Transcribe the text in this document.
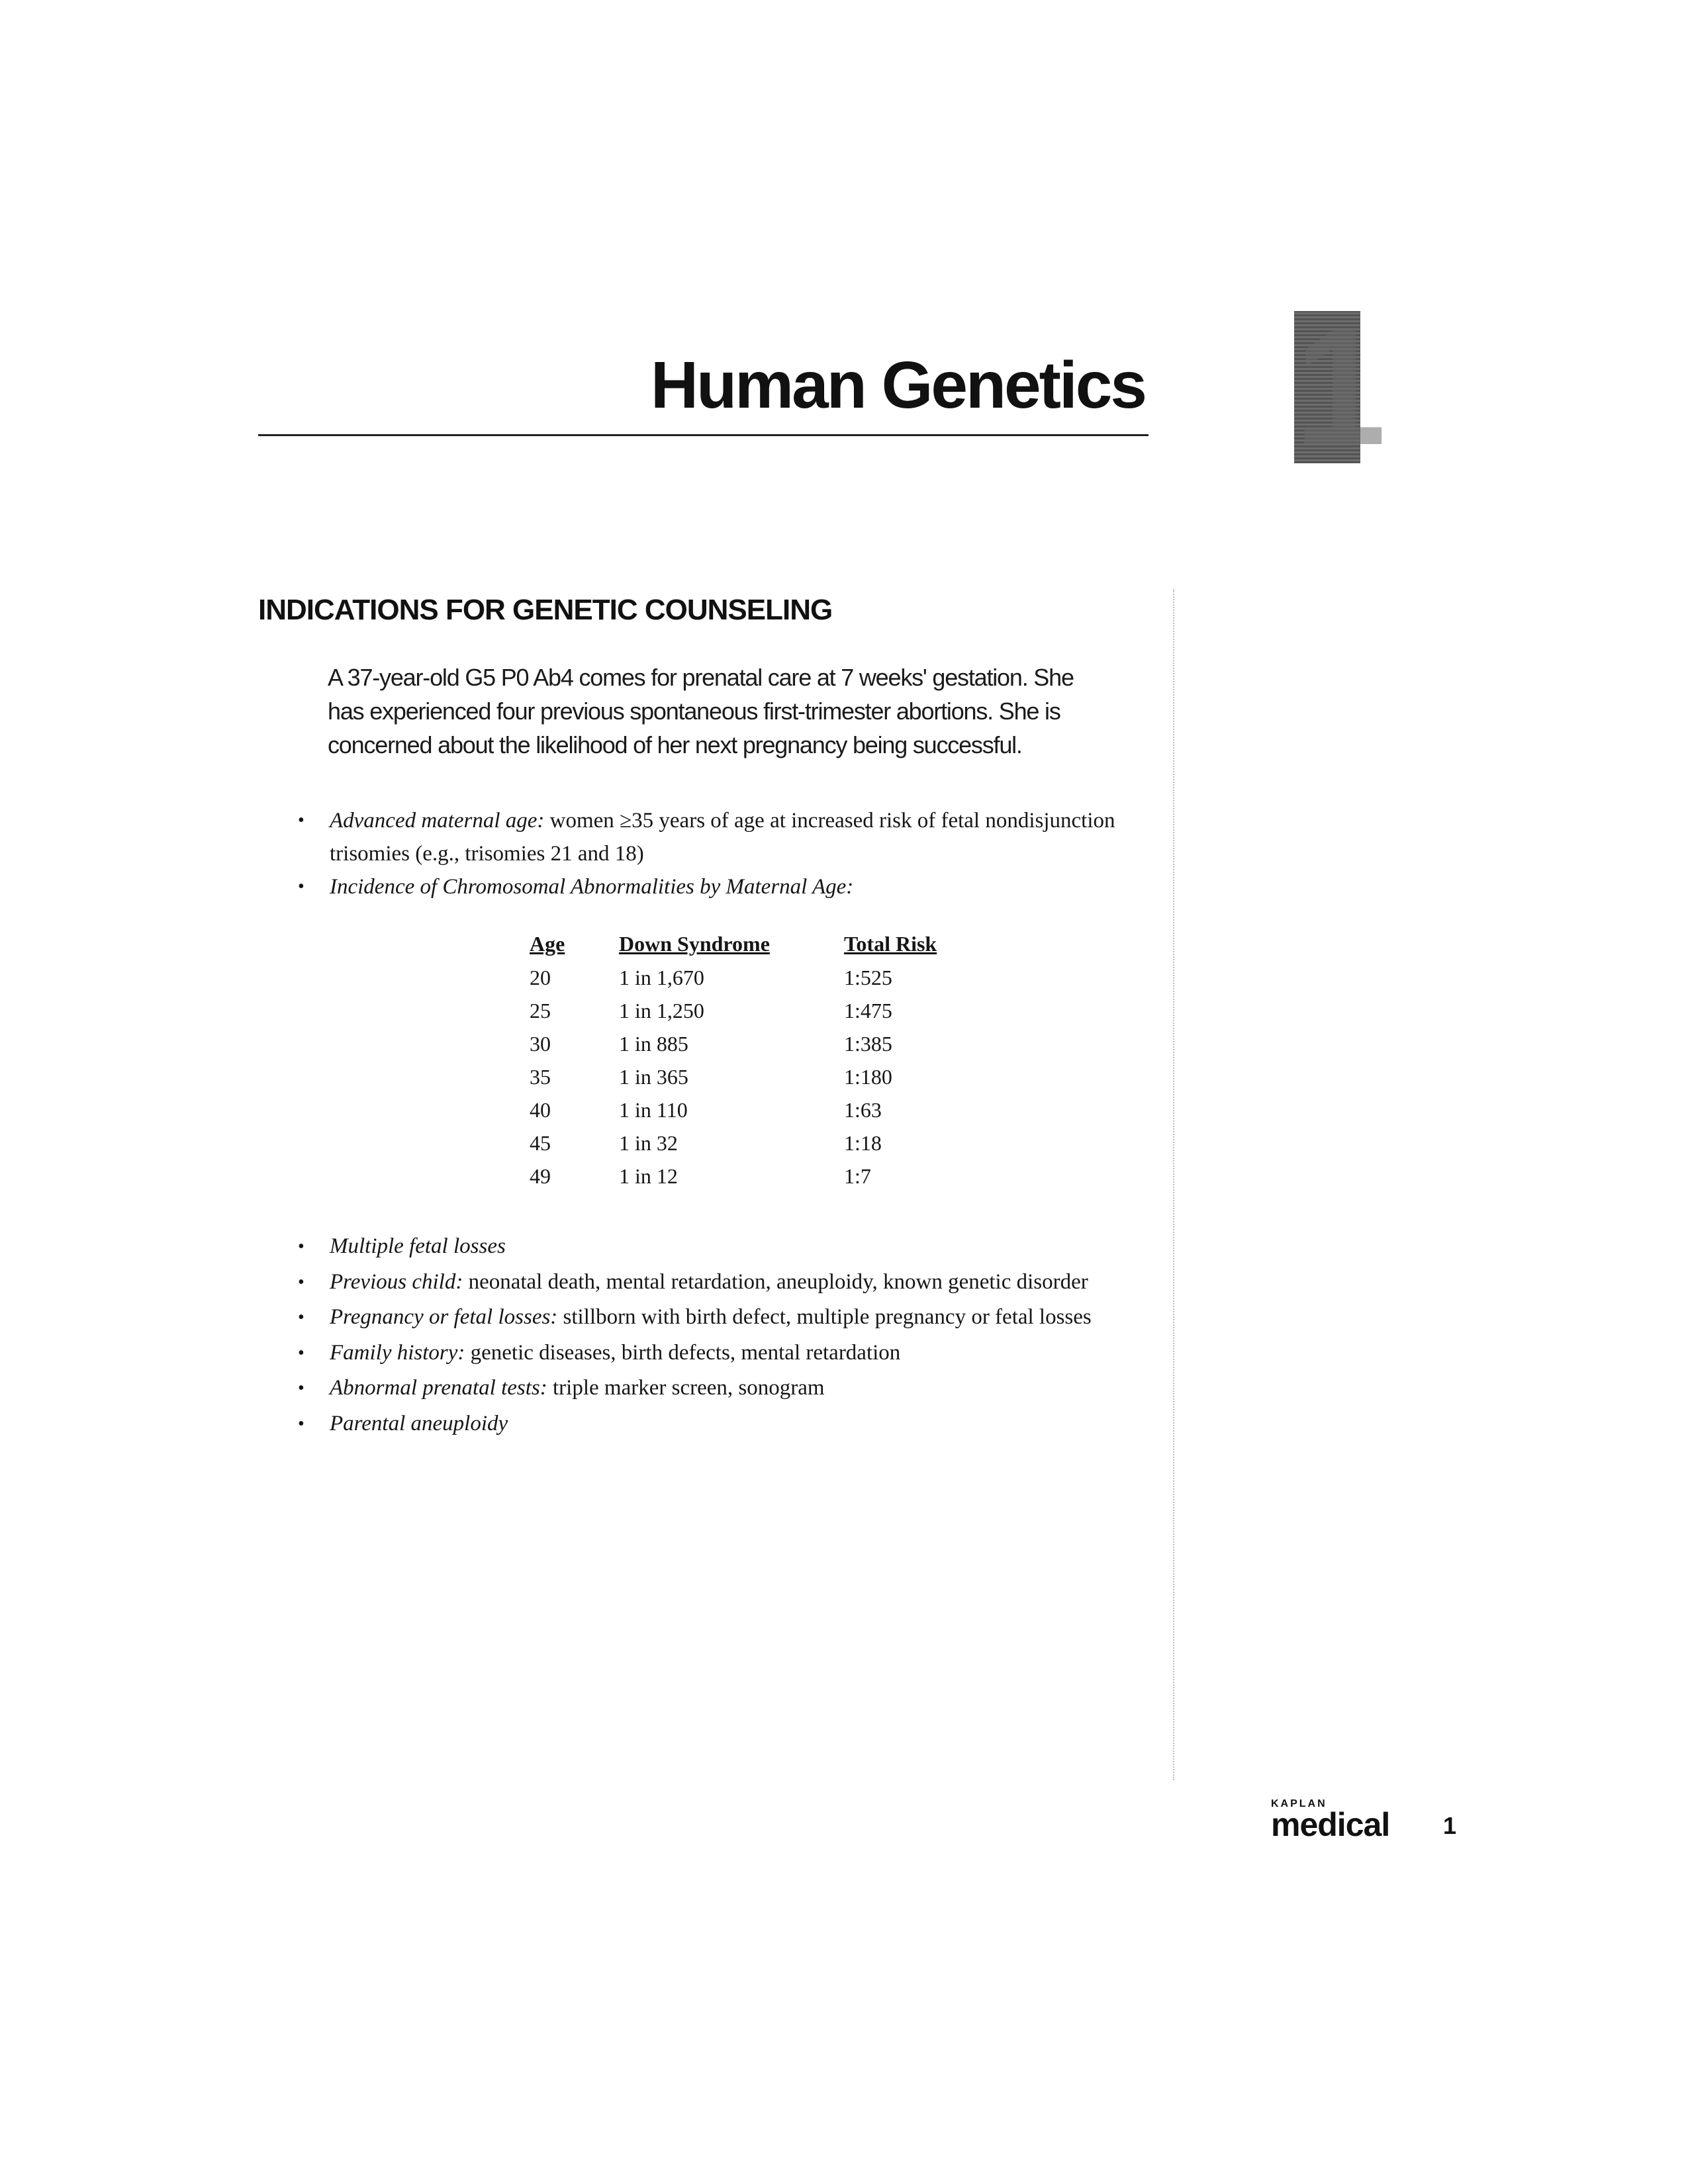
Human Genetics 1
INDICATIONS FOR GENETIC COUNSELING
A 37-year-old G5 P0 Ab4 comes for prenatal care at 7 weeks' gestation. She has experienced four previous spontaneous first-trimester abortions. She is concerned about the likelihood of her next pregnancy being successful.
• Advanced maternal age: women ≥35 years of age at increased risk of fetal nondisjunction trisomies (e.g., trisomies 21 and 18)
• Incidence of Chromosomal Abnormalities by Maternal Age:
Age	Down Syndrome	Total Risk
20	1 in 1,670	1:525
25	1 in 1,250	1:475
30	1 in 885	1:385
35	1 in 365	1:180
40	1 in 110	1:63
45	1 in 32	1:18
49	1 in 12	1:7
• Multiple fetal losses
• Previous child: neonatal death, mental retardation, aneuploidy, known genetic disorder
• Pregnancy or fetal losses: stillborn with birth defect, multiple pregnancy or fetal losses
• Family history: genetic diseases, birth defects, mental retardation
• Abnormal prenatal tests: triple marker screen, sonogram
• Parental aneuploidy
KAPLAN
medical	1
